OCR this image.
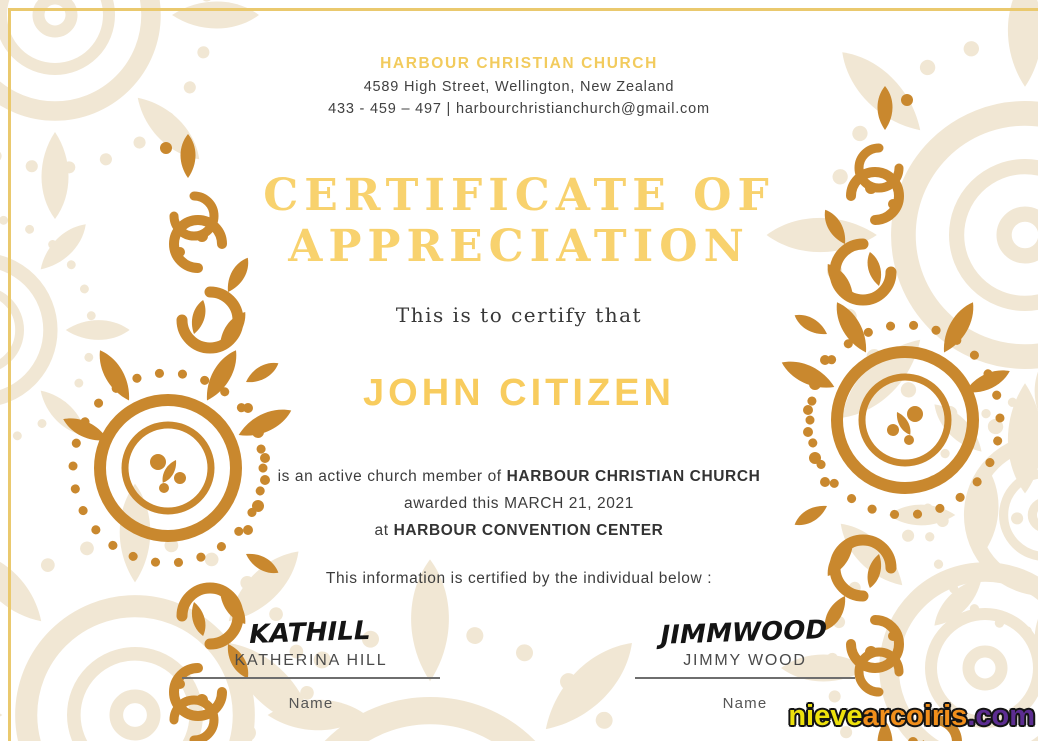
HARBOUR CHRISTIAN CHURCH
4589 High Street, Wellington, New Zealand
433 - 459 – 497 | harbourchristianchurch@gmail.com
CERTIFICATE OF
APPRECIATION
This is to certify that
JOHN CITIZEN
is an active church member of HARBOUR CHRISTIAN CHURCH
awarded this MARCH 21, 2021
at HARBOUR CONVENTION CENTER
This information is certified by the individual below :
KATHILL
KATHERINA HILL
Name
JIMMWOOD
JIMMY WOOD
Name nievearcoiris.com
